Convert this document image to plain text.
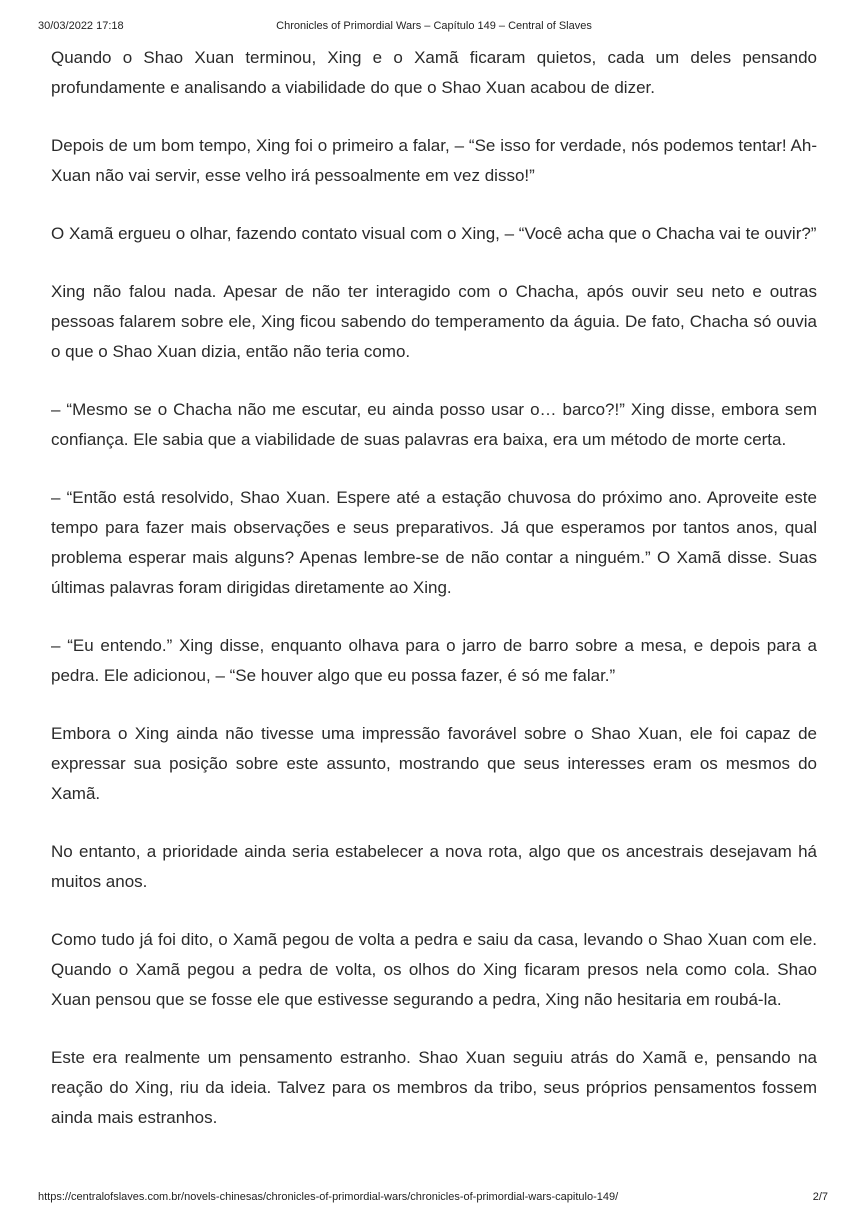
30/03/2022 17:18	Chronicles of Primordial Wars – Capítulo 149 – Central of Slaves

Quando o Shao Xuan terminou, Xing e o Xamã ficaram quietos, cada um deles pensando profundamente e analisando a viabilidade do que o Shao Xuan acabou de dizer.

Depois de um bom tempo, Xing foi o primeiro a falar, – “Se isso for verdade, nós podemos tentar! Ah-Xuan não vai servir, esse velho irá pessoalmente em vez disso!”

O Xamã ergueu o olhar, fazendo contato visual com o Xing, – “Você acha que o Chacha vai te ouvir?”

Xing não falou nada. Apesar de não ter interagido com o Chacha, após ouvir seu neto e outras pessoas falarem sobre ele, Xing ficou sabendo do temperamento da águia. De fato, Chacha só ouvia o que o Shao Xuan dizia, então não teria como.

– “Mesmo se o Chacha não me escutar, eu ainda posso usar o… barco?!” Xing disse, embora sem confiança. Ele sabia que a viabilidade de suas palavras era baixa, era um método de morte certa.

– “Então está resolvido, Shao Xuan. Espere até a estação chuvosa do próximo ano. Aproveite este tempo para fazer mais observações e seus preparativos. Já que esperamos por tantos anos, qual problema esperar mais alguns? Apenas lembre-se de não contar a ninguém.” O Xamã disse. Suas últimas palavras foram dirigidas diretamente ao Xing.

– “Eu entendo.” Xing disse, enquanto olhava para o jarro de barro sobre a mesa, e depois para a pedra. Ele adicionou, – “Se houver algo que eu possa fazer, é só me falar.”

Embora o Xing ainda não tivesse uma impressão favorável sobre o Shao Xuan, ele foi capaz de expressar sua posição sobre este assunto, mostrando que seus interesses eram os mesmos do Xamã.

No entanto, a prioridade ainda seria estabelecer a nova rota, algo que os ancestrais desejavam há muitos anos.

Como tudo já foi dito, o Xamã pegou de volta a pedra e saiu da casa, levando o Shao Xuan com ele. Quando o Xamã pegou a pedra de volta, os olhos do Xing ficaram presos nela como cola. Shao Xuan pensou que se fosse ele que estivesse segurando a pedra, Xing não hesitaria em roubá-la.

Este era realmente um pensamento estranho. Shao Xuan seguiu atrás do Xamã e, pensando na reação do Xing, riu da ideia. Talvez para os membros da tribo, seus próprios pensamentos fossem ainda mais estranhos.

https://centralofslaves.com.br/novels-chinesas/chronicles-of-primordial-wars/chronicles-of-primordial-wars-capitulo-149/	2/7
